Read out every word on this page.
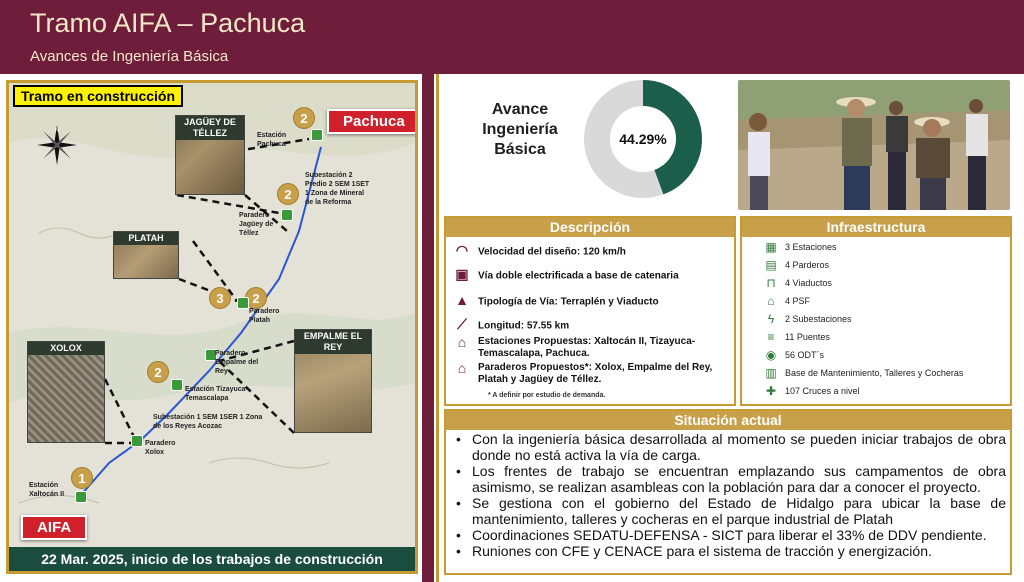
Tramo AIFA – Pachuca
Avances de Ingeniería Básica
N
Tramo en construcción
JAGÜEY DE TÉLLEZ
PLATAH
XOLOX
EMPALME EL REY
Pachuca
AIFA
2
2
3	2
2
1
Estación Pachuca
Subestación 2 Predio 2 SEM 1SET 1 Zona de Mineral de la Reforma
Paradero Jagüey de Téllez
Paradero Platah
Paradero Empalme del Rey
Estación Tizayuca-Temascalapa
Subestación 1 SEM 1SER 1 Zona de los Reyes Acozac
Paradero Xolox
Estación Xaltocán II
22 Mar. 2025, inicio de los trabajos de construcción
Avance Ingeniería Básica
44.29%
Descripción
◠ Velocidad del diseño: 120 km/h
▣ Vía doble electrificada a base de catenaria
▲ Tipología de Vía: Terraplén y Viaducto
⟋ Longitud: 57.55 km
⌂	Estaciones Propuestas: Xaltocán II, Tizayuca-Temascalapa, Pachuca.
⌂	Paraderos Propuestos*: Xolox, Empalme del Rey, Platah y Jagüey de Téllez.
* A definir por estudio de demanda.
Infraestructura
▦ 3 Estaciones
▤ 4 Parderos
⊓	4 Viaductos
⌂	4 PSF
ϟ	2 Subestaciones
≡	11 Puentes
◉ 56 ODT´s
▥ Base de Mantenimiento, Talleres y Cocheras
✚ 107 Cruces a nivel
Situación actual
• Con la ingeniería básica desarrollada al momento se pueden iniciar trabajos de obra donde no está activa la vía de carga.
• Los frentes de trabajo se encuentran emplazando sus campamentos de obra asimismo, se realizan asambleas con la población para dar a conocer el proyecto.
• Se gestiona con el gobierno del Estado de Hidalgo para ubicar la base de mantenimiento, talleres y cocheras en el parque industrial de Platah
• Coordinaciones SEDATU-DEFENSA - SICT para liberar el 33% de DDV pendiente.
• Runiones con CFE y CENACE para el sistema de tracción y energización.
